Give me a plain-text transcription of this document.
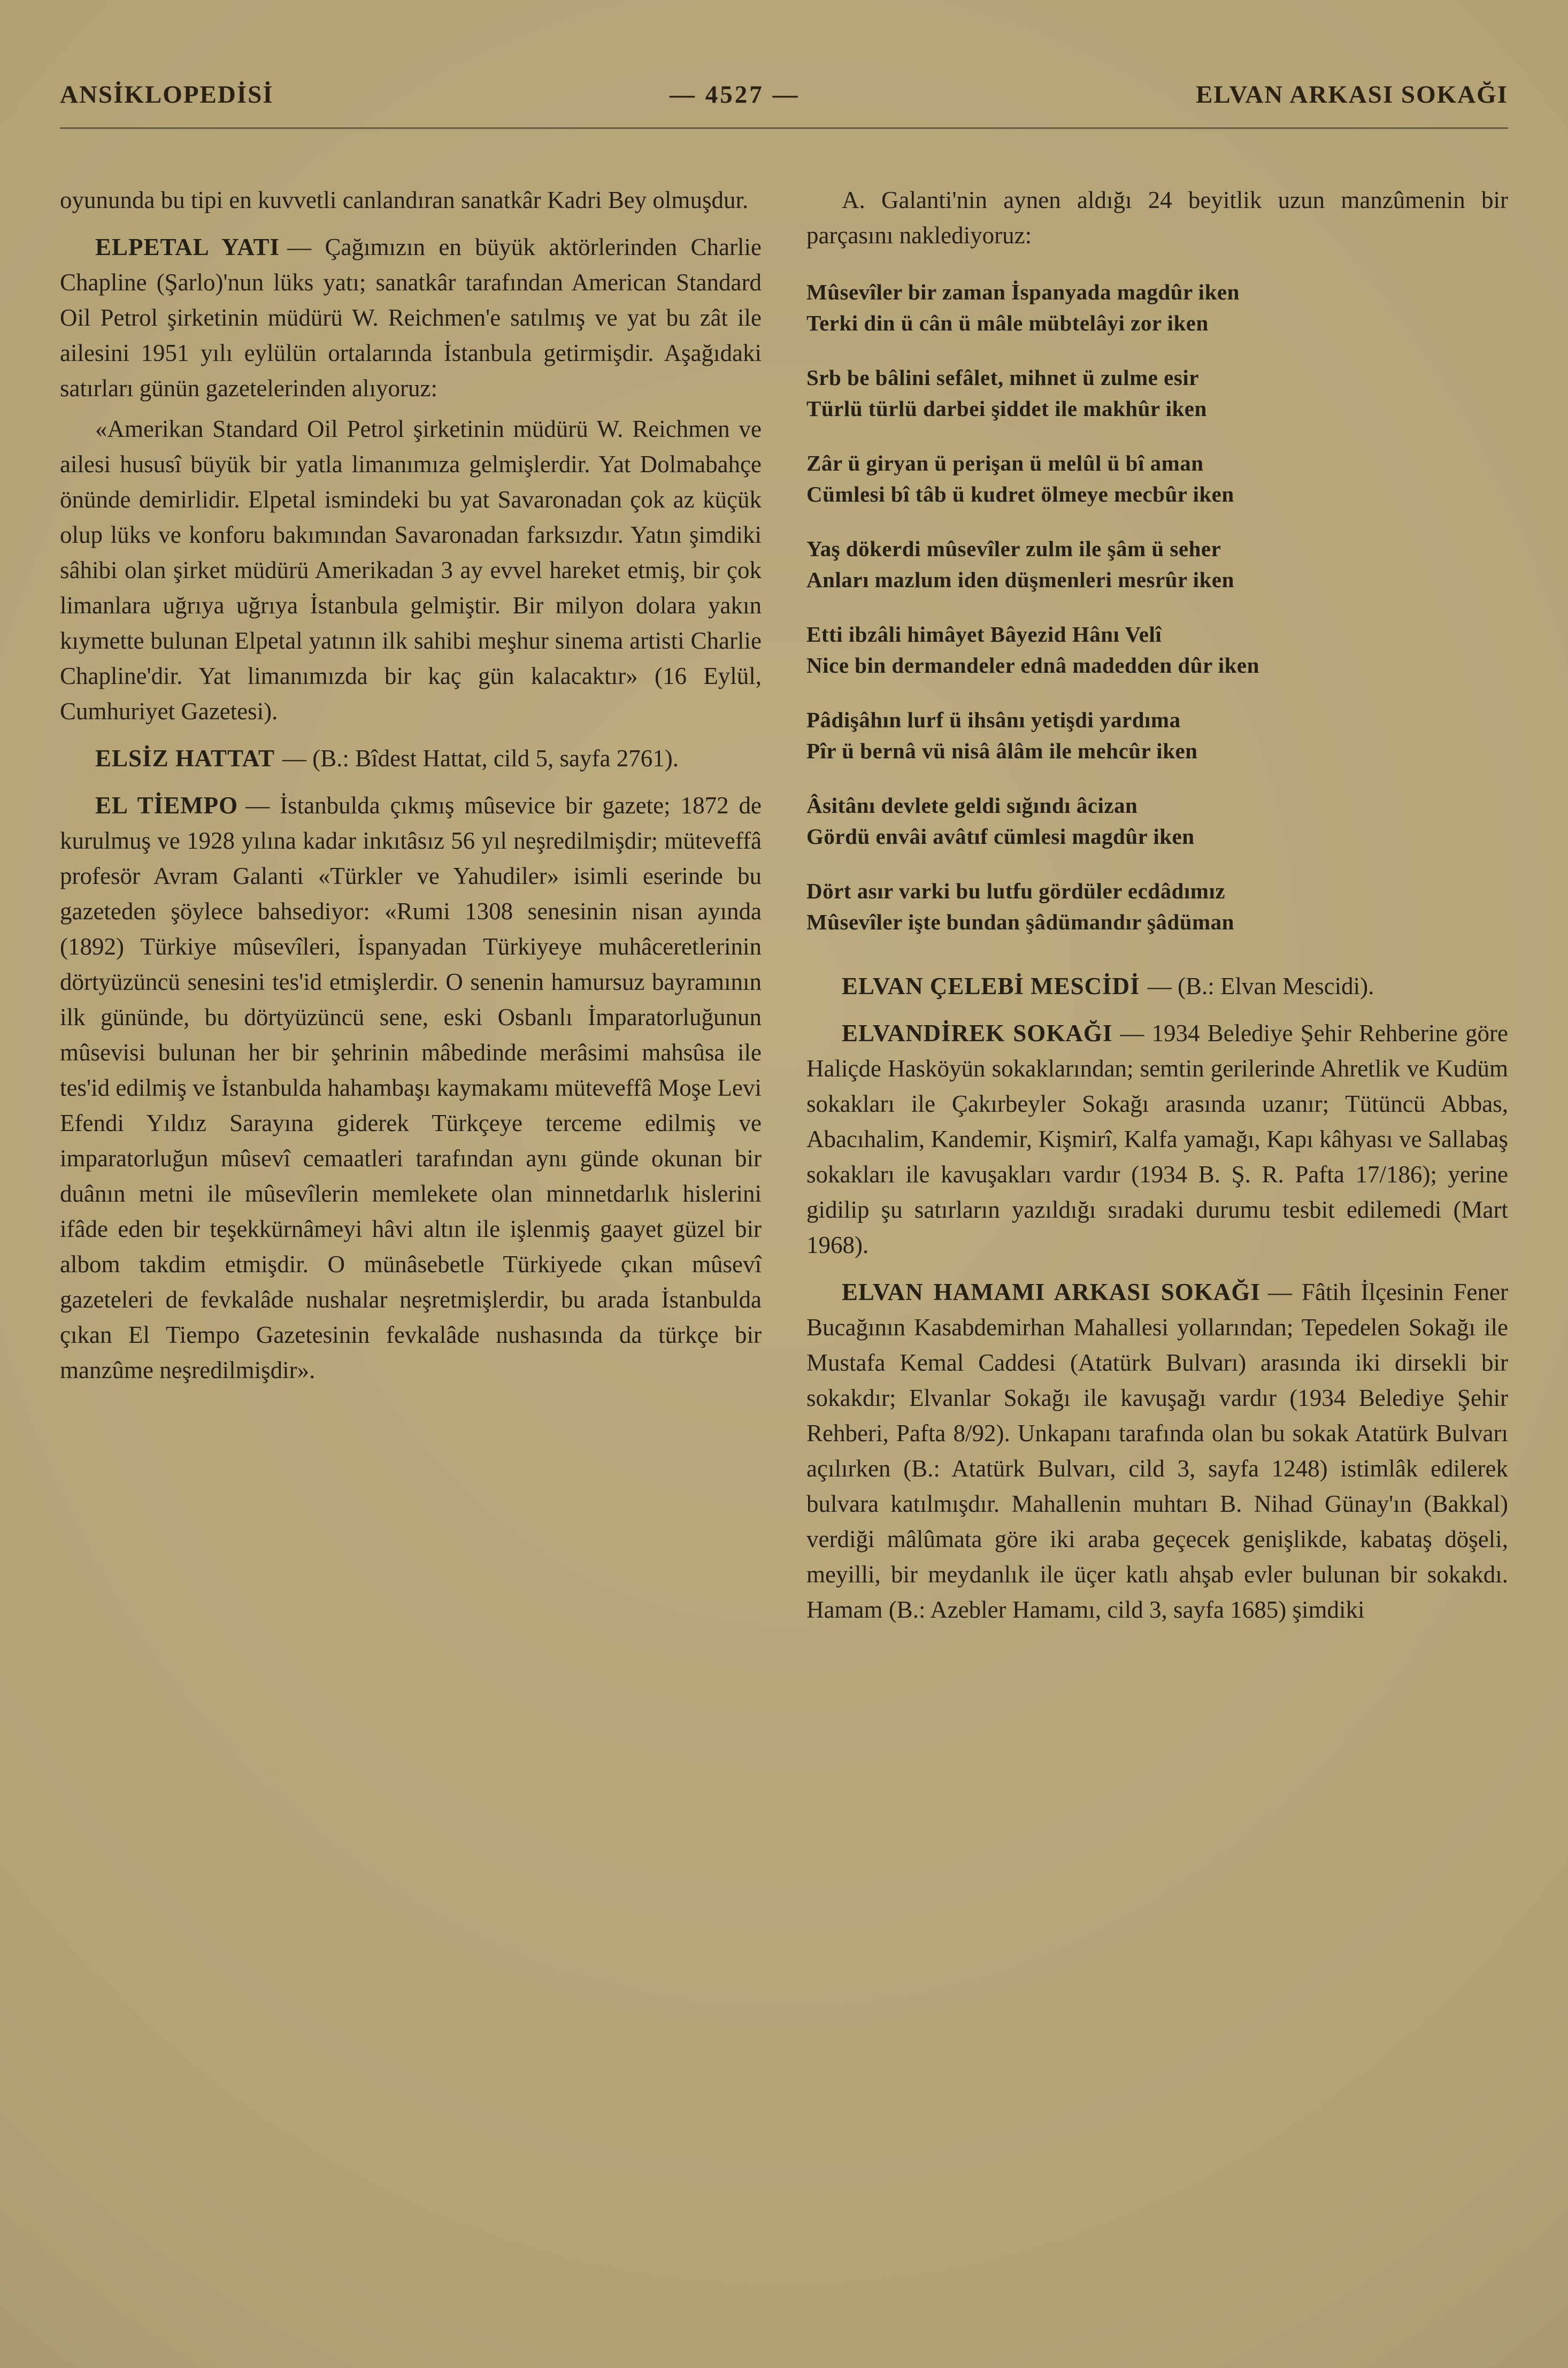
ANSİKLOPEDİSİ	— 4527 —	ELVAN ARKASI SOKAĞI

oyununda bu tipi en kuvvetli canlandıran sanatkâr Kadri Bey olmuşdur.

ELPETAL YATI — Çağımızın en büyük aktörlerinden Charlie Chapline (Şarlo)'nun lüks yatı; sanatkâr tarafından American Standard Oil Petrol şirketinin müdürü W. Reichmen'e satılmış ve yat bu zât ile ailesini 1951 yılı eylülün ortalarında İstanbula getirmişdir. Aşağıdaki satırları günün gazetelerinden alıyoruz:

«Amerikan Standard Oil Petrol şirketinin müdürü W. Reichmen ve ailesi hususî büyük bir yatla limanımıza gelmişlerdir. Yat Dolmabahçe önünde demirlidir. Elpetal ismindeki bu yat Savaronadan çok az küçük olup lüks ve konforu bakımından Savaronadan farksızdır. Yatın şimdiki sâhibi olan şirket müdürü Amerikadan 3 ay evvel hareket etmiş, bir çok limanlara uğrıya uğrıya İstanbula gelmiştir. Bir milyon dolara yakın kıymette bulunan Elpetal yatının ilk sahibi meşhur sinema artisti Charlie Chapline'dir. Yat limanımızda bir kaç gün kalacaktır» (16 Eylül, Cumhuriyet Gazetesi).

ELSİZ HATTAT — (B.: Bîdest Hattat, cild 5, sayfa 2761).

EL TİEMPO — İstanbulda çıkmış mûsevice bir gazete; 1872 de kurulmuş ve 1928 yılına kadar inkıtâsız 56 yıl neşredilmişdir; müteveffâ profesör Avram Galanti «Türkler ve Yahudiler» isimli eserinde bu gazeteden şöylece bahsediyor: «Rumi 1308 senesinin nisan ayında (1892) Türkiye mûsevîleri, İspanyadan Türkiyeye muhâceretlerinin dörtyüzüncü senesini tes'id etmişlerdir. O senenin hamursuz bayramının ilk gününde, bu dörtyüzüncü sene, eski Osbanlı İmparatorluğunun mûsevisi bulunan her bir şehrinin mâbedinde merâsimi mahsûsa ile tes'id edilmiş ve İstanbulda hahambaşı kaymakamı müteveffâ Moşe Levi Efendi Yıldız Sarayına giderek Türkçeye terceme edilmiş ve imparatorluğun mûsevî cemaatleri tarafından aynı günde okunan bir duânın metni ile mûsevîlerin memlekete olan minnetdarlık hislerini ifâde eden bir teşekkürnâmeyi hâvi altın ile işlenmiş gaayet güzel bir albom takdim etmişdir. O münâsebetle Türkiyede çıkan mûsevî gazeteleri de fevkalâde nushalar neşretmişlerdir, bu arada İstanbulda çıkan El Tiempo Gazetesinin fevkalâde nushasında da türkçe bir manzûme neşredilmişdir».

A. Galanti'nin aynen aldığı 24 beyitlik uzun manzûmenin bir parçasını naklediyoruz:

Mûsevîler bir zaman İspanyada magdûr iken
Terki din ü cân ü mâle mübtelâyi zor iken
Srb be bâlini sefâlet, mihnet ü zulme esir
Türlü türlü darbei şiddet ile makhûr iken
Zâr ü giryan ü perişan ü melûl ü bî aman
Cümlesi bî tâb ü kudret ölmeye mecbûr iken
Yaş dökerdi mûsevîler zulm ile şâm ü seher
Anları mazlum iden düşmenleri mesrûr iken
Etti ibzâli himâyet Bâyezid Hânı Velî
Nice bin dermandeler ednâ madedden dûr iken
Pâdişâhın lurf ü ihsânı yetişdi yardıma
Pîr ü bernâ vü nisâ âlâm ile mehcûr iken
Âsitânı devlete geldi sığındı âcizan
Gördü envâi avâtıf cümlesi magdûr iken
Dört asır varki bu lutfu gördüler ecdâdımız
Mûsevîler işte bundan şâdümandır şâdüman

ELVAN ÇELEBİ MESCİDİ — (B.: Elvan Mescidi).

ELVANDİREK SOKAĞI — 1934 Belediye Şehir Rehberine göre Haliçde Hasköyün sokaklarından; semtin gerilerinde Ahretlik ve Kudüm sokakları ile Çakırbeyler Sokağı arasında uzanır; Tütüncü Abbas, Abacıhalim, Kandemir, Kişmirî, Kalfa yamağı, Kapı kâhyası ve Sallabaş sokakları ile kavuşakları vardır (1934 B. Ş. R. Pafta 17/186); yerine gidilip şu satırların yazıldığı sıradaki durumu tesbit edilemedi (Mart 1968).

ELVAN HAMAMI ARKASI SOKAĞI — Fâtih İlçesinin Fener Bucağının Kasabdemirhan Mahallesi yollarından; Tepedelen Sokağı ile Mustafa Kemal Caddesi (Atatürk Bulvarı) arasında iki dirsekli bir sokakdır; Elvanlar Sokağı ile kavuşağı vardır (1934 Belediye Şehir Rehberi, Pafta 8/92). Unkapanı tarafında olan bu sokak Atatürk Bulvarı açılırken (B.: Atatürk Bulvarı, cild 3, sayfa 1248) istimlâk edilerek bulvara katılmışdır. Mahallenin muhtarı B. Nihad Günay'ın (Bakkal) verdiği mâlûmata göre iki araba geçecek genişlikde, kabataş döşeli, meyilli, bir meydanlık ile üçer katlı ahşab evler bulunan bir sokakdı. Hamam (B.: Azebler Hamamı, cild 3, sayfa 1685) şimdiki
